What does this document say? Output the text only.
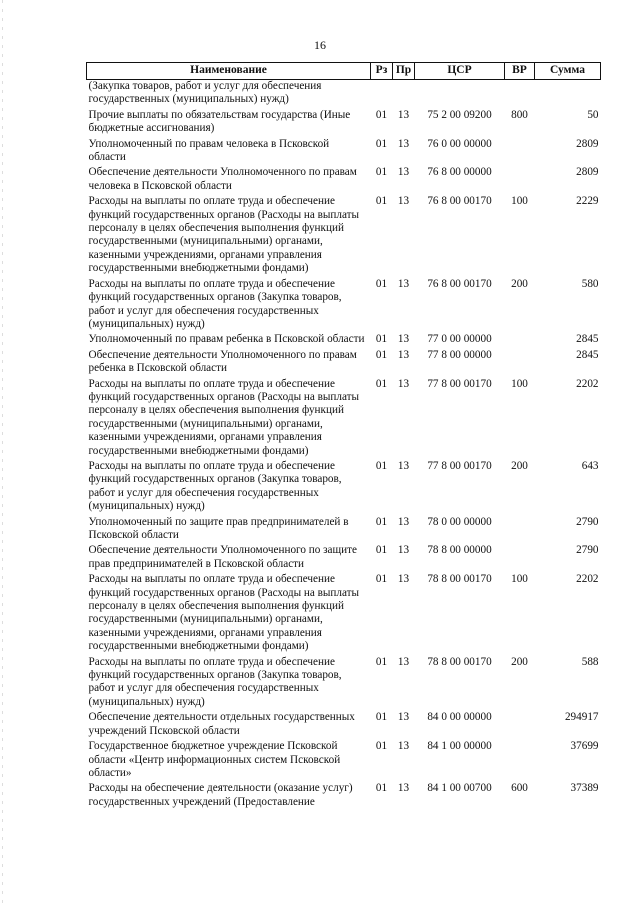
16
Наименование	Рз	Пр	ЦСР	ВР	Сумма
(Закупка товаров, работ и услуг для обеспечения государственных (муниципальных) нужд)					
Прочие выплаты по обязательствам государства (Иные бюджетные ассигнования)	01	13	75 2 00 09200	800	50
Уполномоченный по правам человека в Псковской области	01	13	76 0 00 00000		2809
Обеспечение деятельности Уполномоченного по правам человека в Псковской области	01	13	76 8 00 00000		2809
Расходы на выплаты по оплате труда и обеспечение функций государственных органов (Расходы на выплаты персоналу в целях обеспечения выполнения функций государственными (муниципальными) органами, казенными учреждениями, органами управления государственными внебюджетными фондами)	01	13	76 8 00 00170	100	2229
Расходы на выплаты по оплате труда и обеспечение функций государственных органов (Закупка товаров, работ и услуг для обеспечения государственных (муниципальных) нужд)	01	13	76 8 00 00170	200	580
Уполномоченный по правам ребенка в Псковской области	01	13	77 0 00 00000		2845
Обеспечение деятельности Уполномоченного по правам ребенка в Псковской области	01	13	77 8 00 00000		2845
Расходы на выплаты по оплате труда и обеспечение функций государственных органов (Расходы на выплаты персоналу в целях обеспечения выполнения функций государственными (муниципальными) органами, казенными учреждениями, органами управления государственными внебюджетными фондами)	01	13	77 8 00 00170	100	2202
Расходы на выплаты по оплате труда и обеспечение функций государственных органов (Закупка товаров, работ и услуг для обеспечения государственных (муниципальных) нужд)	01	13	77 8 00 00170	200	643
Уполномоченный по защите прав предпринимателей в Псковской области	01	13	78 0 00 00000		2790
Обеспечение деятельности Уполномоченного по защите прав предпринимателей в Псковской области	01	13	78 8 00 00000		2790
Расходы на выплаты по оплате труда и обеспечение функций государственных органов (Расходы на выплаты персоналу в целях обеспечения выполнения функций государственными (муниципальными) органами, казенными учреждениями, органами управления государственными внебюджетными фондами)	01	13	78 8 00 00170	100	2202
Расходы на выплаты по оплате труда и обеспечение функций государственных органов (Закупка товаров, работ и услуг для обеспечения государственных (муниципальных) нужд)	01	13	78 8 00 00170	200	588
Обеспечение деятельности отдельных государственных учреждений Псковской области	01	13	84 0 00 00000		294917
Государственное бюджетное учреждение Псковской области «Центр информационных систем Псковской области»	01	13	84 1 00 00000		37699
Расходы на обеспечение деятельности (оказание услуг) государственных учреждений (Предоставление	01	13	84 1 00 00700	600	37389
